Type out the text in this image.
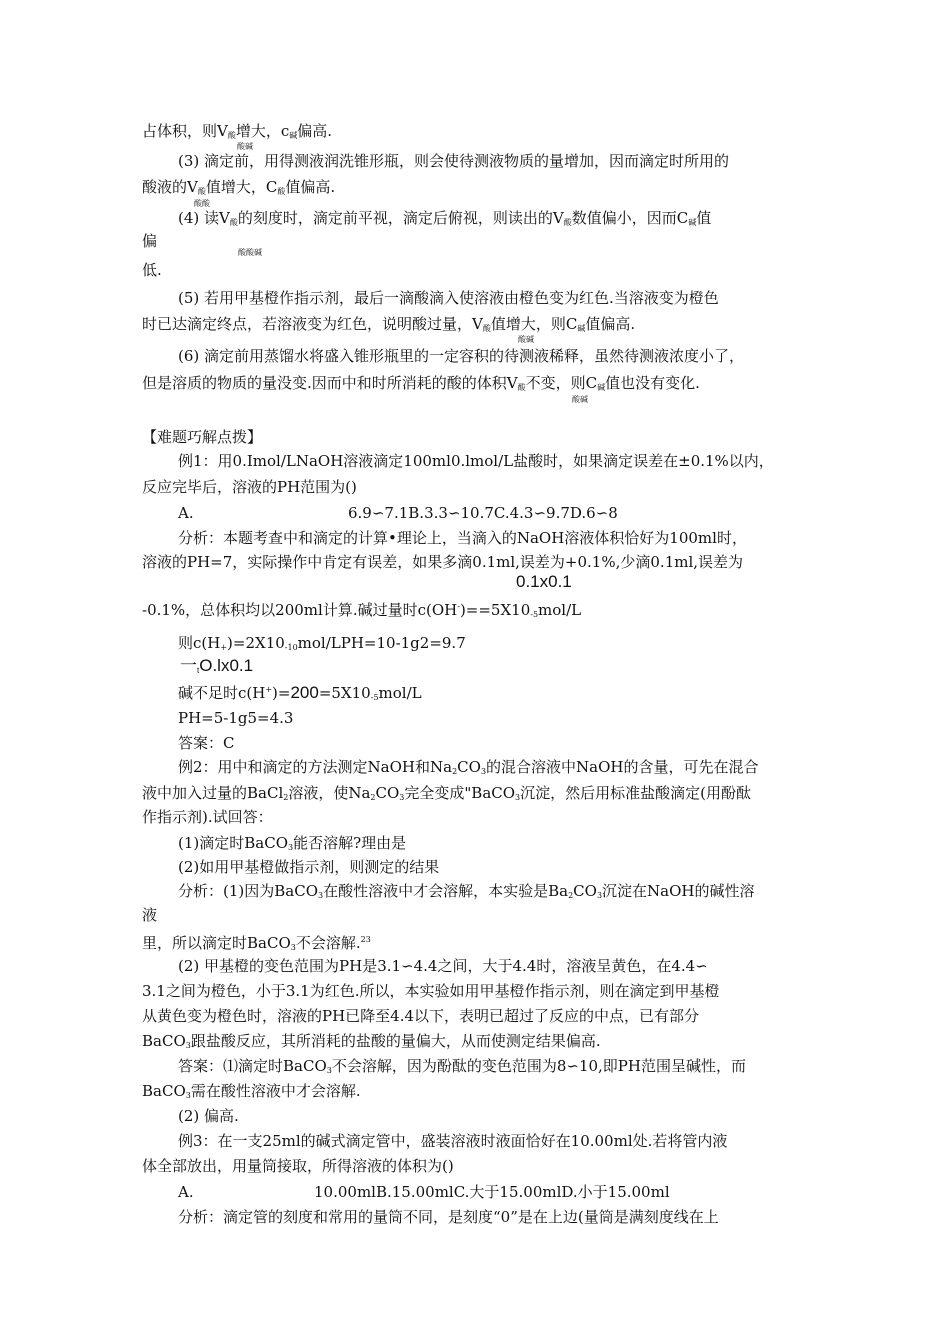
占体积，则$V_酸$增大，$c_碱$偏高.
酸碱
(3) 滴定前，用得测液润洗锥形瓶，则会使待测液物质的量增加，因而滴定时所用的
酸液的$V_酸$值增大，$C_酸$值偏高.
酸酸
(4) 读$V_酸$的刻度时，滴定前平视，滴定后俯视，则读出的$V_酸$数值偏小，因而$C_碱$值
偏
酸酸碱
低.
(5) 若用甲基橙作指示剂，最后一滴酸滴入使溶液由橙色变为红色.当溶液变为橙色
时已达滴定终点，若溶液变为红色，说明酸过量，$V_酸$值增大，则$C_碱$值偏高.
酸碱
(6) 滴定前用蒸馏水将盛入锥形瓶里的一定容积的待测液稀释，虽然待测液浓度小了，
但是溶质的物质的量没变.因而中和时所消耗的酸的体积$V_酸$不变，则$C_碱$值也没有变化.
酸碱
【难题巧解点拨】
例1：用0.Imol/LNaOH溶液滴定100ml0.lmol/L盐酸时，如果滴定误差在±0.1%以内，
反应完毕后，溶液的PH范围为()
A.	6.9∽7.1B.3.3∽10.7C.4.3∽9.7D.6∽8
分析：本题考查中和滴定的计算•理论上，当滴入的NaOH溶液体积恰好为100ml时，
溶液的PH=7，实际操作中肯定有误差，如果多滴0.1ml,误差为+0.1%,少滴0.1ml,误差为
0.1x0.1
-0.1%，总体积均以200ml计算.碱过量时$c(OH^-)==5X10_{-5}mol/L$
则$c(H_+)=2X10_{-10}mol/LPH=10-1g2=9.7$
一$_t$O.lx0.1
碱不足时$c(H^+)=200=5X10_{-5}mol/L$
PH=5-1g5=4.3
答案：C
例2：用中和滴定的方法测定NaOH和$Na_2CO_3$的混合溶液中NaOH的含量，可先在混合
液中加入过量的BaCl$_2$溶液，使$Na_2CO_3$完全变成"BaCO$_3$沉淀，然后用标准盐酸滴定(用酚酞
作指示剂).试回答：
(1)滴定时BaCO$_3$能否溶解?理由是
(2)如用甲基橙做指示剂，则测定的结果
分析：(1)因为BaCO$_3$在酸性溶液中才会溶解，本实验是$Ba_2CO_3$沉淀在NaOH的碱性溶
液
里，所以滴定时BaCO$_3$不会溶解.$^{23}$
(2) 甲基橙的变色范围为PH是3.1∽4.4之间，大于4.4时，溶液呈黄色，在4.4∽
3.1之间为橙色，小于3.1为红色.所以，本实验如用甲基橙作指示剂，则在滴定到甲基橙
从黄色变为橙色时，溶液的PH已降至4.4以下，表明已超过了反应的中点，已有部分
BaCO$_3$跟盐酸反应，其所消耗的盐酸的量偏大，从而使测定结果偏高.
答案：⑴滴定时BaCO$_3$不会溶解，因为酚酞的变色范围为8∽10,即PH范围呈碱性，而
BaCO$_3$需在酸性溶液中才会溶解.
(2) 偏高.
例3：在一支25ml的碱式滴定管中，盛装溶液时液面恰好在10.00ml处.若将管内液
体全部放出，用量筒接取，所得溶液的体积为()
A.	10.00mlB.15.00mlC.大于15.00mlD.小于15.00ml
分析：滴定管的刻度和常用的量筒不同，是刻度“0”是在上边(量筒是满刻度线在上
